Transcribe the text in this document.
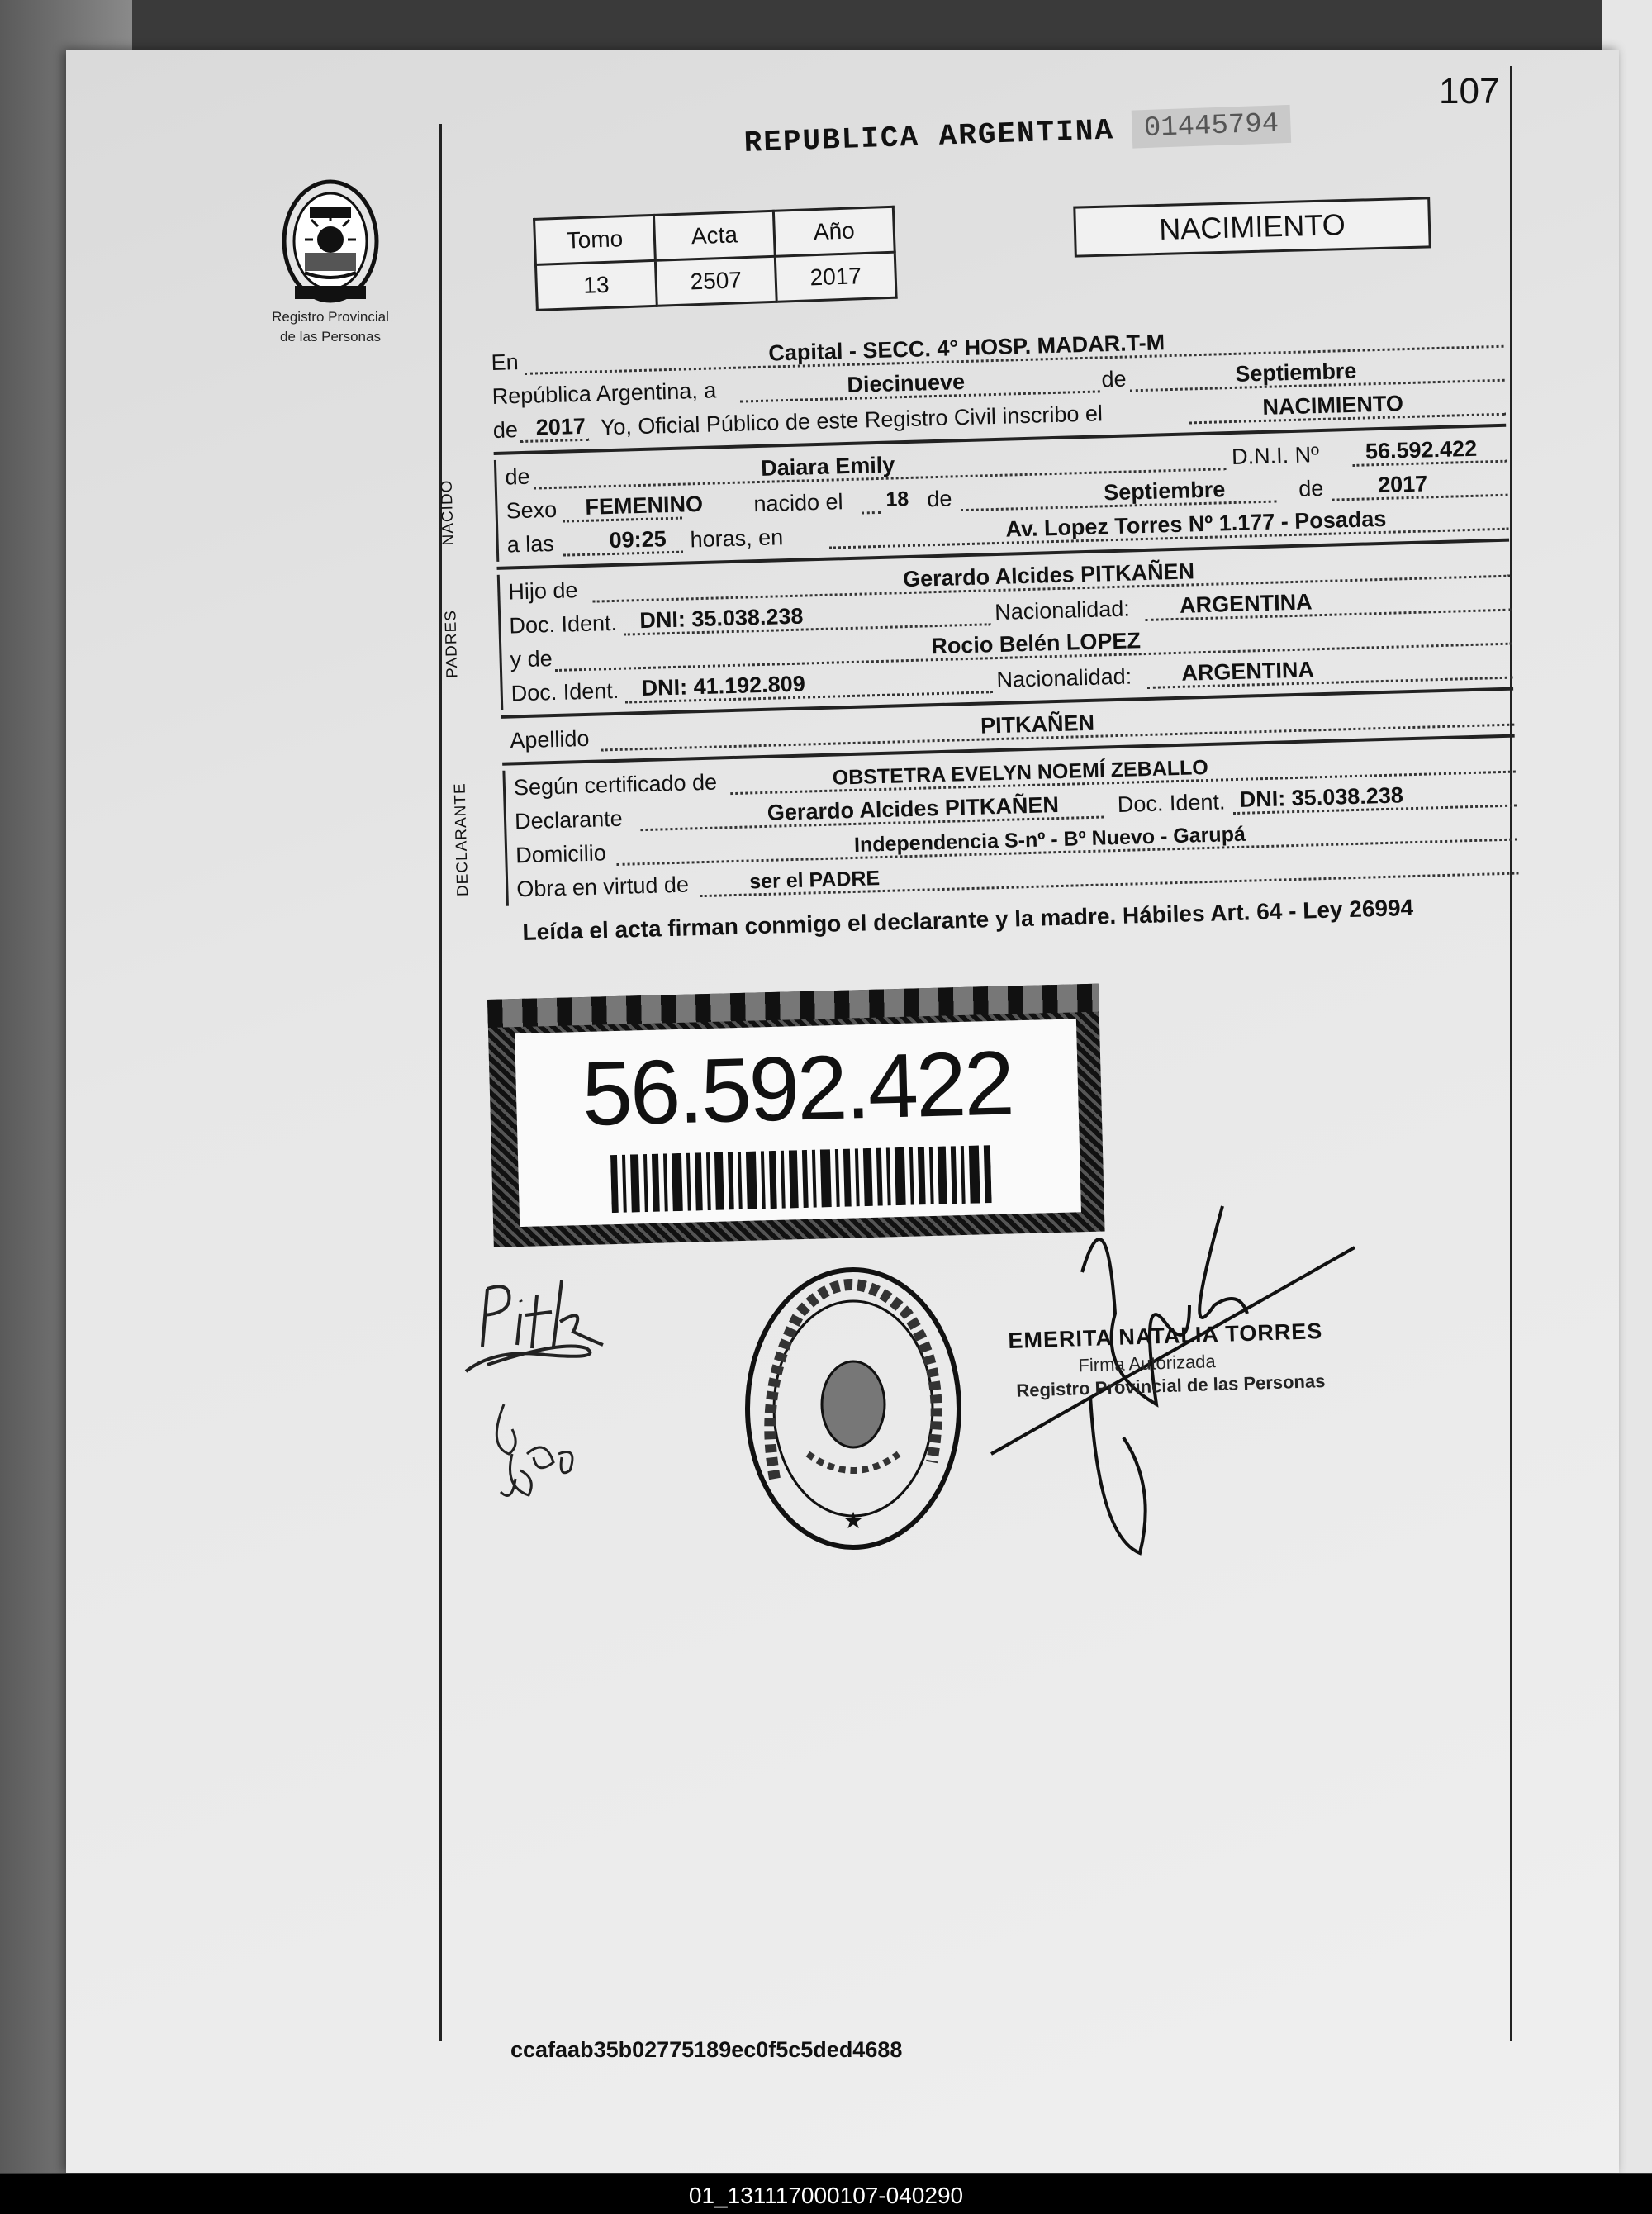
107
Registro Provincial
de las Personas
REPUBLICA ARGENTINA	01445794
Tomo	Acta	Año
13	2507	2017
NACIMIENTO
En	Capital - SECC. 4° HOSP. MADAR.T-M
República Argentina, a	Diecinueve	de	Septiembre
de 2017 Yo, Oficial Público de este Registro Civil inscribo el	NACIMIENTO
NACIDO
de	Daiara Emily	D.N.I. Nº 56.592.422
Sexo FEMENINO nacido el 18 de	Septiembre	de 2017
a las 09:25 horas, en	Av. Lopez Torres Nº 1.177 - Posadas
PADRES
Hijo de	Gerardo Alcides PITKAÑEN
Doc. Ident. DNI: 35.038.238	Nacionalidad: ARGENTINA
y de
Rocio Belén LOPEZ
Doc. Ident. DNI: 41.192.809	Nacionalidad: ARGENTINA
Apellido
PITKAÑEN
DECLARANTE Según certificado de	OBSTETRA EVELYN NOEMÍ ZEBALLO
Declarante	Gerardo Alcides PITKAÑEN	Doc. Ident. DNI: 35.038.238
Domicilio	Independencia S-nº - Bº Nuevo - Garupá
Obra en virtud de	ser el PADRE
Leída el acta firman conmigo el declarante y la madre. Hábiles Art. 64 - Ley 26994
56.592.422
★
EMERITA NATALIA TORRES
Firma Autorizada
Registro Provincial de las Personas
ccafaab35b02775189ec0f5c5ded4688
01_131117000107-040290
